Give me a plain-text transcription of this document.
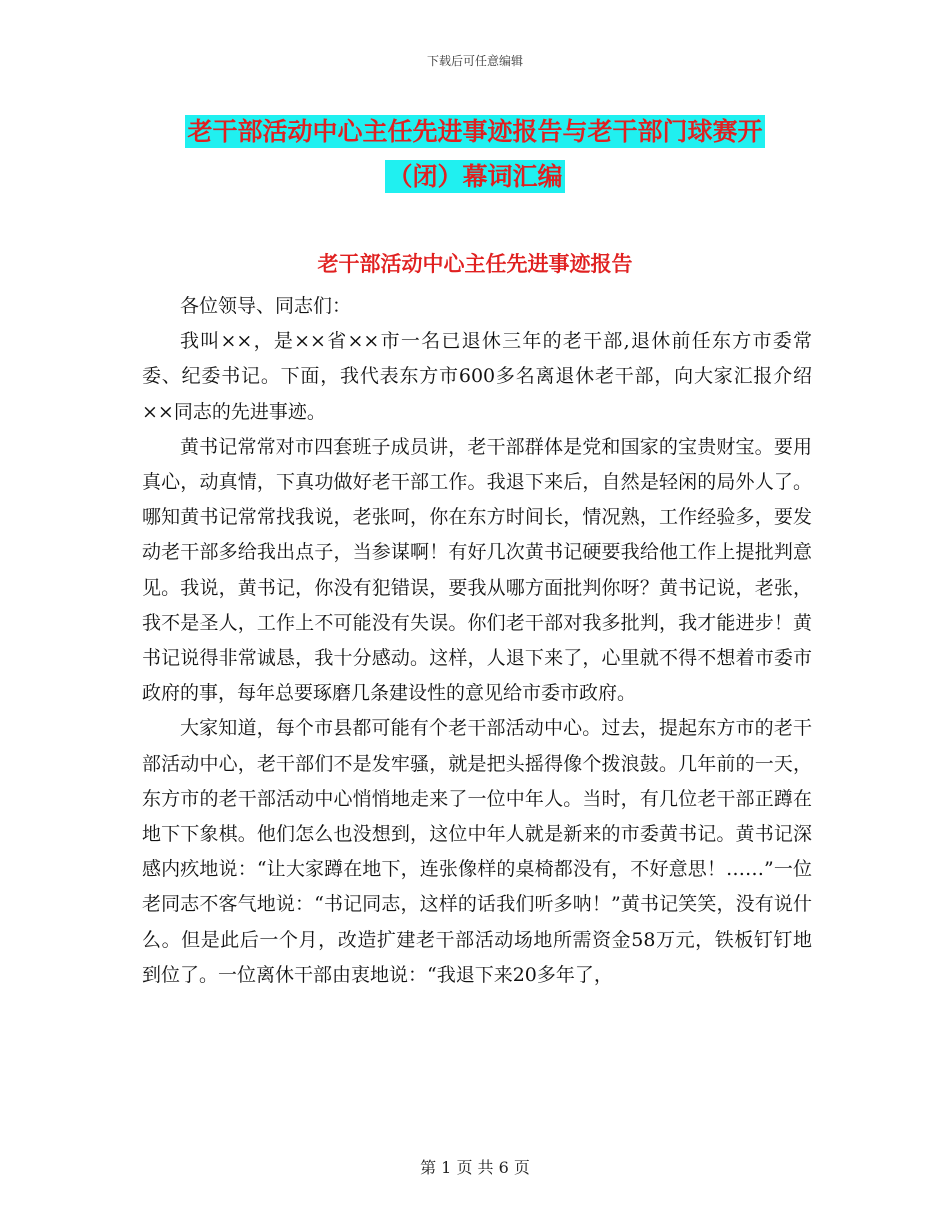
下载后可任意编辑
老干部活动中心主任先进事迹报告与老干部门球赛开
（闭）幕词汇编
老干部活动中心主任先进事迹报告

各位领导、同志们：

我叫××，是××省××市一名已退休三年的老干部,退休前任东方市委常委、纪委书记。下面，我代表东方市600多名离退休老干部，向大家汇报介绍××同志的先进事迹。

黄书记常常对市四套班子成员讲，老干部群体是党和国家的宝贵财宝。要用真心，动真情，下真功做好老干部工作。我退下来后，自然是轻闲的局外人了。哪知黄书记常常找我说，老张呵，你在东方时间长，情况熟，工作经验多，要发动老干部多给我出点子，当参谋啊！有好几次黄书记硬要我给他工作上提批判意见。我说，黄书记，你没有犯错误，要我从哪方面批判你呀？黄书记说，老张，我不是圣人，工作上不可能没有失误。你们老干部对我多批判，我才能进步！黄书记说得非常诚恳，我十分感动。这样，人退下来了，心里就不得不想着市委市政府的事，每年总要琢磨几条建设性的意见给市委市政府。

大家知道，每个市县都可能有个老干部活动中心。过去，提起东方市的老干部活动中心，老干部们不是发牢骚，就是把头摇得像个拨浪鼓。几年前的一天，东方市的老干部活动中心悄悄地走来了一位中年人。当时，有几位老干部正蹲在地下下象棋。他们怎么也没想到，这位中年人就是新来的市委黄书记。黄书记深感内疚地说：“让大家蹲在地下，连张像样的桌椅都没有，不好意思！……”一位老同志不客气地说：“书记同志，这样的话我们听多呐！”黄书记笑笑，没有说什么。但是此后一个月，改造扩建老干部活动场地所需资金58万元，铁板钉钉地到位了。一位离休干部由衷地说：“我退下来20多年了，

第 1 页 共 6 页
